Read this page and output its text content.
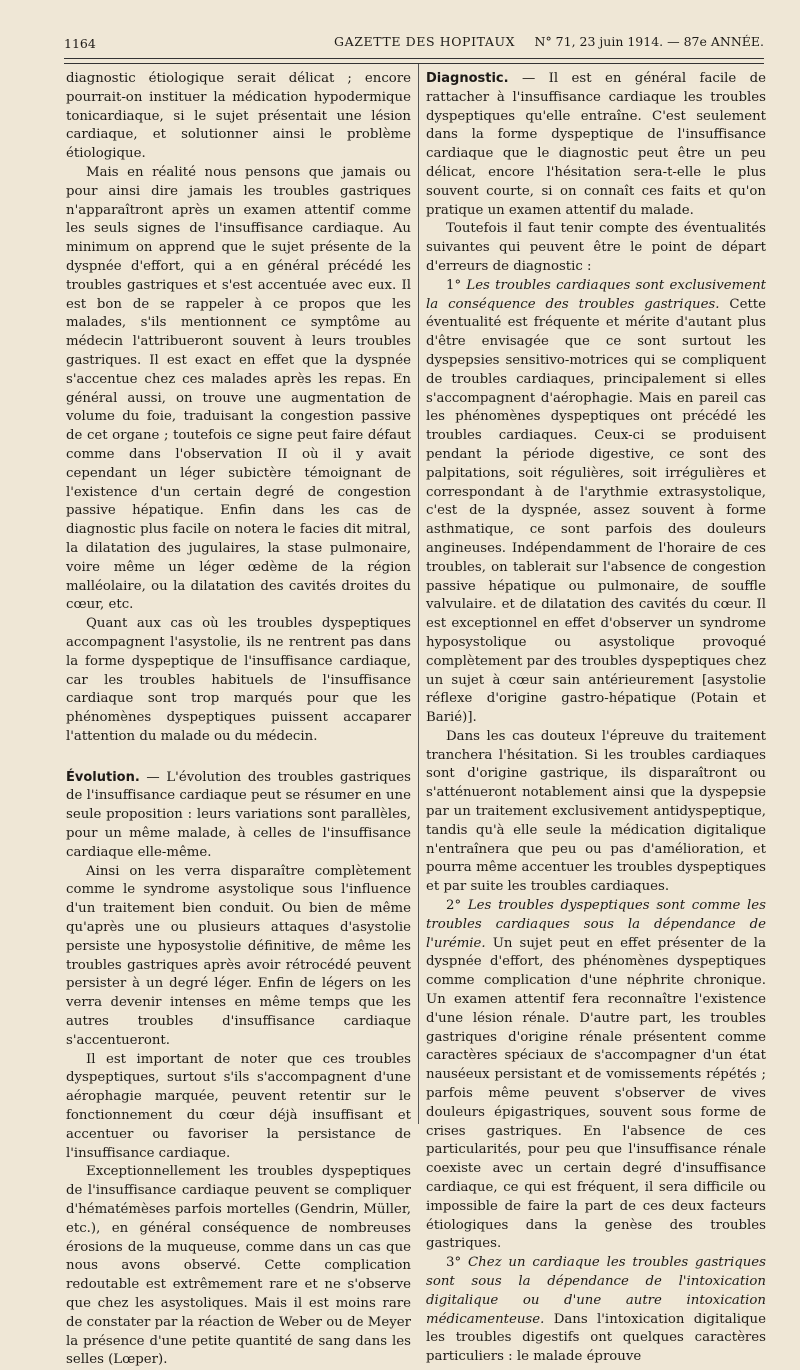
1164	GAZETTE DES HOPITAUX N° 71, 23 juin 1914. — 87e ANNÉE.

diagnostic étiologique serait délicat ; encore pourrait-on instituer la médication hypodermique tonicardiaque, si le sujet présentait une lésion cardiaque, et solutionner ainsi le problème étiologique.

Mais en réalité nous pensons que jamais ou pour ainsi dire jamais les troubles gastriques n'apparaîtront après un examen attentif comme les seuls signes de l'insuffisance cardiaque. Au minimum on apprend que le sujet présente de la dyspnée d'effort, qui a en général précédé les troubles gastriques et s'est accentuée avec eux. Il est bon de se rappeler à ce propos que les malades, s'ils mentionnent ce symptôme au médecin l'attribueront souvent à leurs troubles gastriques. Il est exact en effet que la dyspnée s'accentue chez ces malades après les repas. En général aussi, on trouve une augmentation de volume du foie, traduisant la congestion passive de cet organe ; toutefois ce signe peut faire défaut comme dans l'observation II où il y avait cependant un léger subictère témoignant de l'existence d'un certain degré de congestion passive hépatique. Enfin dans les cas de diagnostic plus facile on notera le facies dit mitral, la dilatation des jugulaires, la stase pulmonaire, voire même un léger œdème de la région malléolaire, ou la dilatation des cavités droites du cœur, etc.

Quant aux cas où les troubles dyspeptiques accompagnent l'asystolie, ils ne rentrent pas dans la forme dyspeptique de l'insuffisance cardiaque, car les troubles habituels de l'insuffisance cardiaque sont trop marqués pour que les phénomènes dyspeptiques puissent accaparer l'attention du malade ou du médecin.

Évolution. — L'évolution des troubles gastriques de l'insuffisance cardiaque peut se résumer en une seule proposition : leurs variations sont parallèles, pour un même malade, à celles de l'insuffisance cardiaque elle-même.

Ainsi on les verra disparaître complètement comme le syndrome asystolique sous l'influence d'un traitement bien conduit. Ou bien de même qu'après une ou plusieurs attaques d'asystolie persiste une hyposystolie définitive, de même les troubles gastriques après avoir rétrocédé peuvent persister à un degré léger. Enfin de légers on les verra devenir intenses en même temps que les autres troubles d'insuffisance cardiaque s'accentueront.

Il est important de noter que ces troubles dyspeptiques, surtout s'ils s'accompagnent d'une aérophagie marquée, peuvent retentir sur le fonctionnement du cœur déjà insuffisant et accentuer ou favoriser la persistance de l'insuffisance cardiaque.

Exceptionnellement les troubles dyspeptiques de l'insuffisance cardiaque peuvent se compliquer d'hématémèses parfois mortelles (Gendrin, Müller, etc.), en général conséquence de nombreuses érosions de la muqueuse, comme dans un cas que nous avons observé. Cette complication redoutable est extrêmement rare et ne s'observe que chez les asystoliques. Mais il est moins rare de constater par la réaction de Weber ou de Meyer la présence d'une petite quantité de sang dans les selles (Lœper).

Diagnostic. — Il est en général facile de rattacher à l'insuffisance cardiaque les troubles dyspeptiques qu'elle entraîne. C'est seulement dans la forme dyspeptique de l'insuffisance cardiaque que le diagnostic peut être un peu délicat, encore l'hésitation sera-t-elle le plus souvent courte, si on connaît ces faits et qu'on pratique un examen attentif du malade.

Toutefois il faut tenir compte des éventualités suivantes qui peuvent être le point de départ d'erreurs de diagnostic :

1° Les troubles cardiaques sont exclusivement la conséquence des troubles gastriques. Cette éventualité est fréquente et mérite d'autant plus d'être envisagée que ce sont surtout les dyspepsies sensitivo-motrices qui se compliquent de troubles cardiaques, principalement si elles s'accompagnent d'aérophagie. Mais en pareil cas les phénomènes dyspeptiques ont précédé les troubles cardiaques. Ceux-ci se produisent pendant la période digestive, ce sont des palpitations, soit régulières, soit irrégulières et correspondant à de l'arythmie extrasystolique, c'est de la dyspnée, assez souvent à forme asthmatique, ce sont parfois des douleurs angineuses. Indépendamment de l'horaire de ces troubles, on tablerait sur l'absence de congestion passive hépatique ou pulmonaire, de souffle valvulaire. et de dilatation des cavités du cœur. Il est exceptionnel en effet d'observer un syndrome hyposystolique ou asystolique provoqué complètement par des troubles dyspeptiques chez un sujet à cœur sain antérieurement [asystolie réflexe d'origine gastro-hépatique (Potain et Barié)].

Dans les cas douteux l'épreuve du traitement tranchera l'hésitation. Si les troubles cardiaques sont d'origine gastrique, ils disparaîtront ou s'atténueront notablement ainsi que la dyspepsie par un traitement exclusivement antidyspeptique, tandis qu'à elle seule la médication digitalique n'entraînera que peu ou pas d'amélioration, et pourra même accentuer les troubles dyspeptiques et par suite les troubles cardiaques.

2° Les troubles dyspeptiques sont comme les troubles cardiaques sous la dépendance de l'urémie. Un sujet peut en effet présenter de la dyspnée d'effort, des phénomènes dyspeptiques comme complication d'une néphrite chronique. Un examen attentif fera reconnaître l'existence d'une lésion rénale. D'autre part, les troubles gastriques d'origine rénale présentent comme caractères spéciaux de s'accompagner d'un état nauséeux persistant et de vomissements répétés ; parfois même peuvent s'observer de vives douleurs épigastriques, souvent sous forme de crises gastriques. En l'absence de ces particularités, pour peu que l'insuffisance rénale coexiste avec un certain degré d'insuffisance cardiaque, ce qui est fréquent, il sera difficile ou impossible de faire la part de ces deux facteurs étiologiques dans la genèse des troubles gastriques.

3° Chez un cardiaque les troubles gastriques sont sous la dépendance de l'intoxication digitalique ou d'une autre intoxication médicamenteuse. Dans l'intoxication digitalique les troubles digestifs ont quelques caractères particuliers : le malade éprouve
